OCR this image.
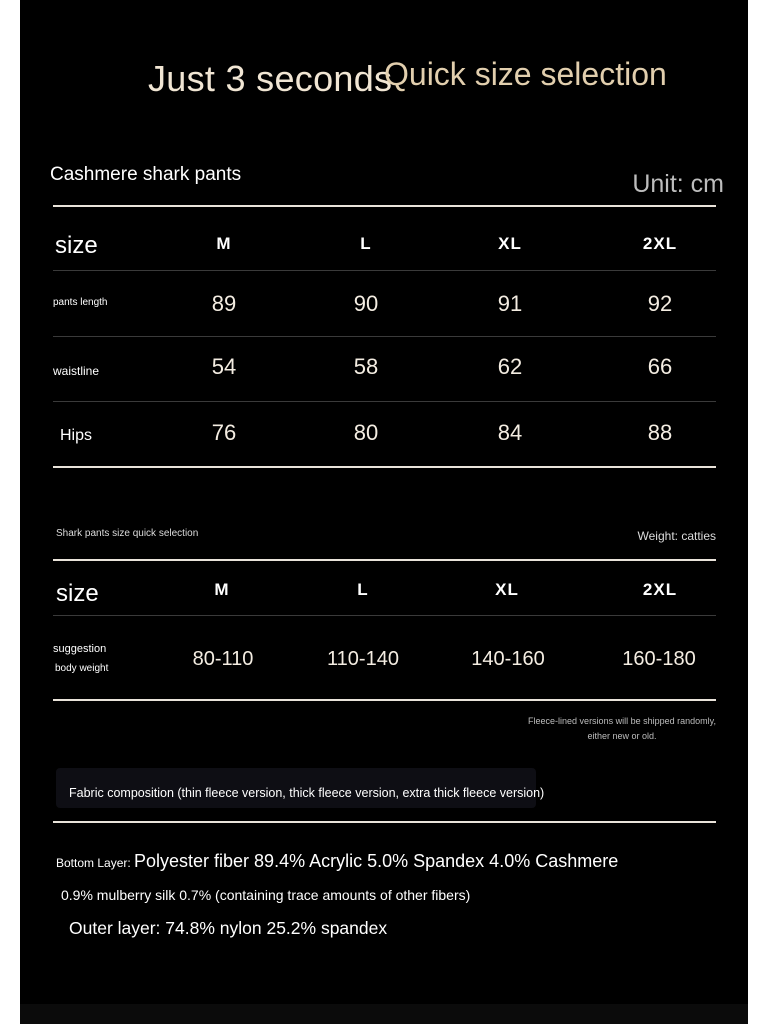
Just 3 seconds
Quick size selection
Cashmere shark pants	Unit: cm
size	M	L	XL	2XL
pants length	89	90	91	92
waistline	54	58	62	66
Hips	76	80	84	88
Shark pants size quick selection	Weight: catties
size	M	L	XL	2XL
suggestion
body weight	80-110	110-140	140-160	160-180
Fleece-lined versions will be shipped randomly,
either new or old.
Fabric composition (thin fleece version, thick fleece version, extra thick fleece version)
Bottom Layer: Polyester fiber 89.4% Acrylic 5.0% Spandex 4.0% Cashmere
0.9% mulberry silk 0.7% (containing trace amounts of other fibers)
Outer layer: 74.8% nylon 25.2% spandex
